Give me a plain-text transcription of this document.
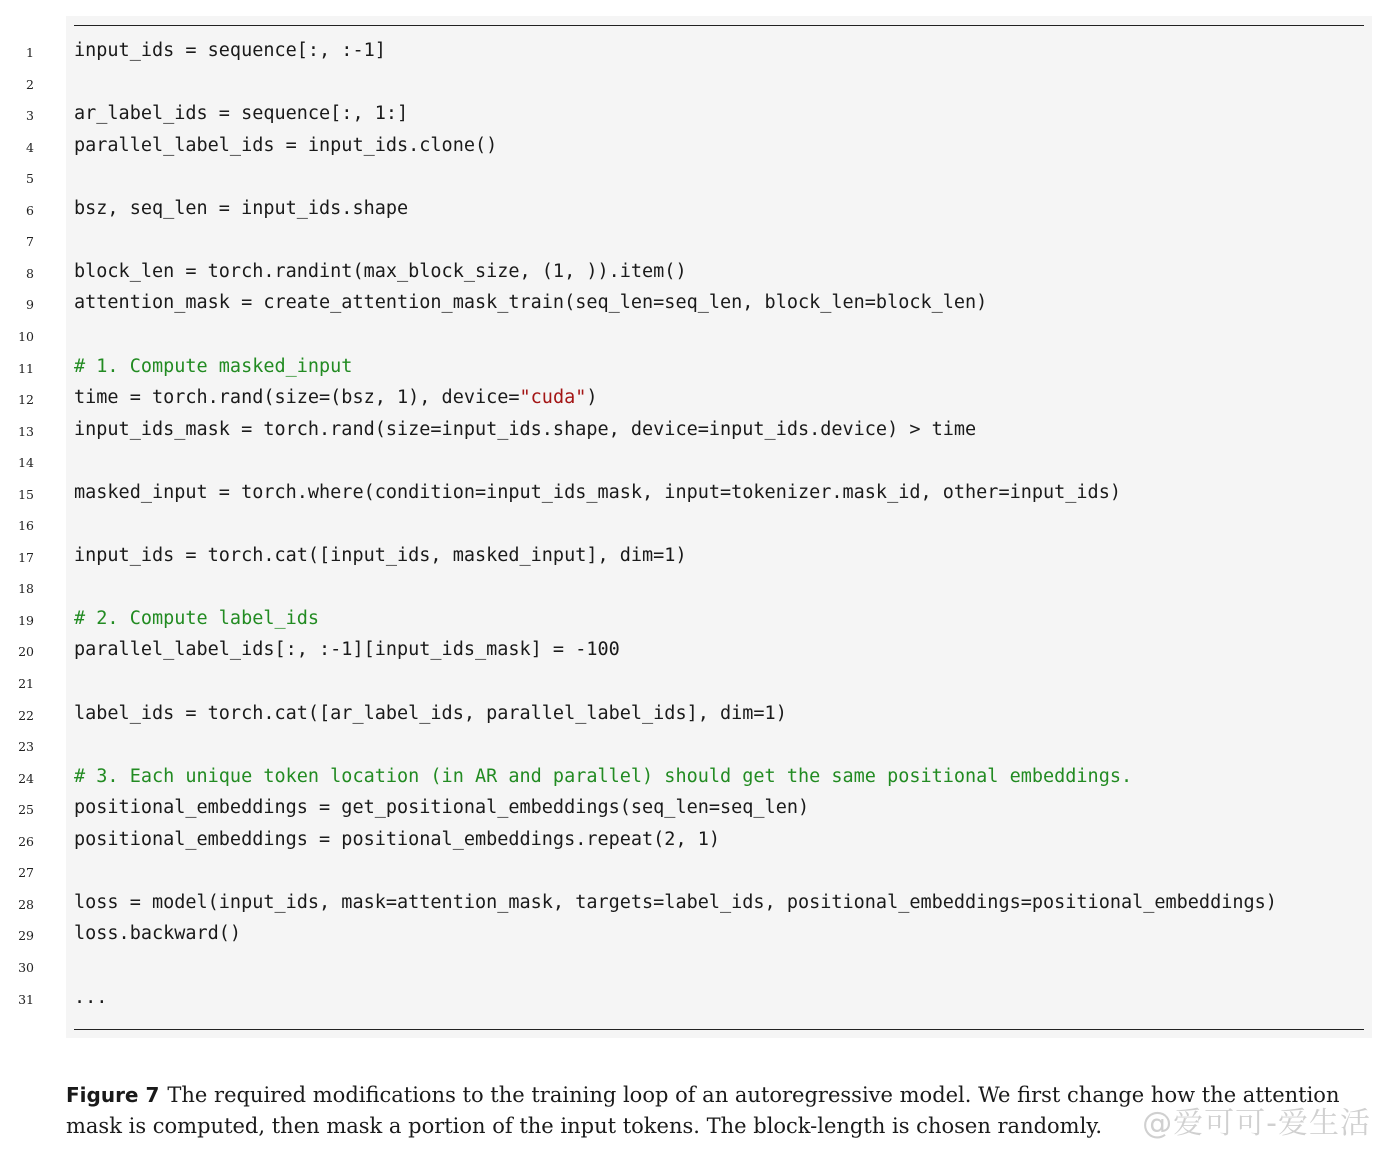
1 input_ids = sequence[:, :-1]
2
3 ar_label_ids = sequence[:, 1:]
4 parallel_label_ids = input_ids.clone()
5
6 bsz, seq_len = input_ids.shape
7
8 block_len = torch.randint(max_block_size, (1, )).item()
9 attention_mask = create_attention_mask_train(seq_len=seq_len, block_len=block_len)
10
11 # 1. Compute masked_input
12 time = torch.rand(size=(bsz, 1), device="cuda")
13 input_ids_mask = torch.rand(size=input_ids.shape, device=input_ids.device) > time
14
15 masked_input = torch.where(condition=input_ids_mask, input=tokenizer.mask_id, other=input_ids)
16
17 input_ids = torch.cat([input_ids, masked_input], dim=1)
18
19 # 2. Compute label_ids
20 parallel_label_ids[:, :-1][input_ids_mask] = -100
21
22 label_ids = torch.cat([ar_label_ids, parallel_label_ids], dim=1)
23
24 # 3. Each unique token location (in AR and parallel) should get the same positional embeddings.
25 positional_embeddings = get_positional_embeddings(seq_len=seq_len)
26 positional_embeddings = positional_embeddings.repeat(2, 1)
27
28 loss = model(input_ids, mask=attention_mask, targets=label_ids, positional_embeddings=positional_embeddings)
29 loss.backward()
30
31 ...
Figure 7 The required modifications to the training loop of an autoregressive model. We first change how the attention mask is computed, then mask a portion of the input tokens. The block-length is chosen randomly.	@爱可可-爱生活
